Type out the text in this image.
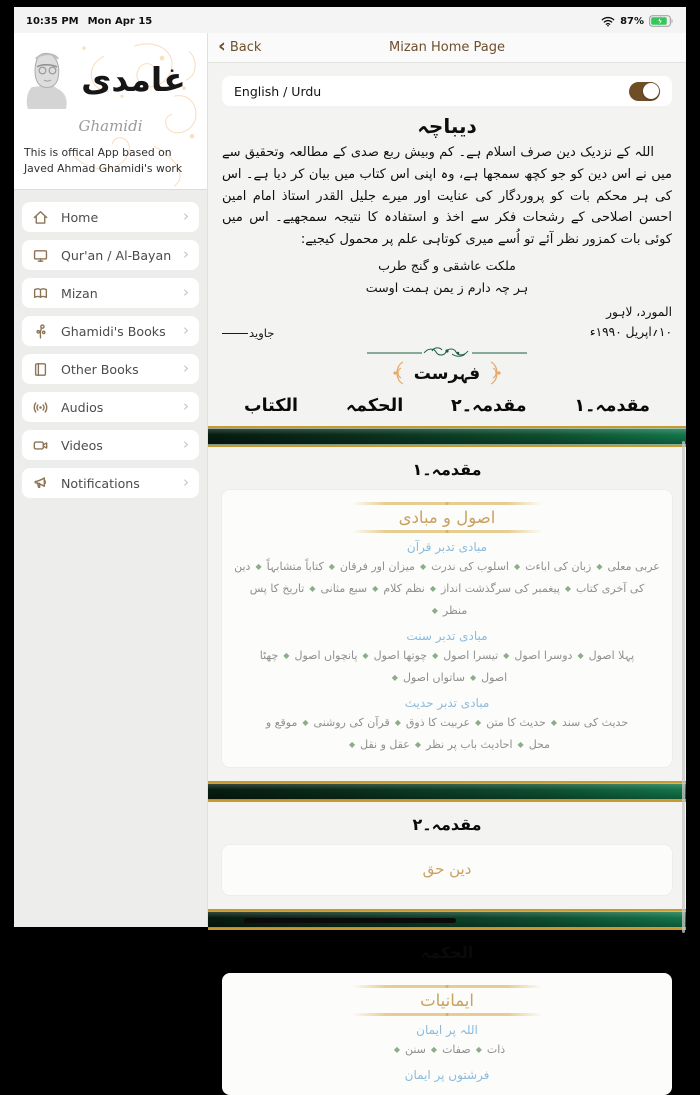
10:35 PM Mon Apr 15	87%
غامدی
Ghamidi
This is offical App based on Javed Ahmad Ghamidi's work
Home	›
Qur'an / Al-Bayan ›
Mizan	›
Ghamidi's Books	›
Other Books	›
Audios	›
Videos	›
Notifications	›
‹ Back	Mizan Home Page
English / Urdu
دیباچہ
اللہ کے نزدیک دین صرف اسلام ہے۔ کم وبیش ربع صدی کے مطالعہ وتحقیق سے میں نے اس دین کو جو کچھ سمجھا ہے، وہ اپنی اس کتاب میں بیان کر دیا ہے۔ اس کی ہر محکم بات کو پروردگار کی عنایت اور میرے جلیل القدر استاذ امام امین احسن اصلاحی کے رشحات فکر سے اخذ و استفادہ کا نتیجہ سمجھیے۔ اس میں کوئی بات کمزور نظر آئے تو اُسے میری کوتاہی علم پر محمول کیجیے:
ملکت عاشقی و گنج طرب
ہر چہ دارم ز یمن ہمت اوست
المورد، لاہور
۱۰؍اپریل ۱۹۹۰ء
جاوید
فہرست
مقدمہ۔۱
مقدمہ۔۲
الحکمہ
الکتاب
مقدمہ۔۱
اصول و مبادی
مبادی تدبر قرآن
عربی معلی◆زبان کی اباءت◆اسلوب کی ندرت◆میزان اور فرقان◆کتاباً متشابہاً◆دین کی آخری کتاب◆پیغمبر کی سرگذشت انداز◆نظم کلام◆سبع مثانی◆تاریخ کا پس منظر◆
مبادی تدبر سنت
پہلا اصول◆دوسرا اصول◆تیسرا اصول◆چوتھا اصول◆پانچواں اصول◆چھٹا اصول◆ساتواں اصول◆
مبادی تدبر حدیث
حدیث کی سند◆حدیث کا متن◆عربیت کا ذوق◆قرآن کی روشنی◆موقع و محل◆احادیث باب پر نظر◆عقل و نقل◆
مقدمہ۔۲
دین حق
الحکمہ
ایمانیات
اللہ پر ایمان
ذات◆صفات◆سنن◆
فرشتوں پر ایمان
